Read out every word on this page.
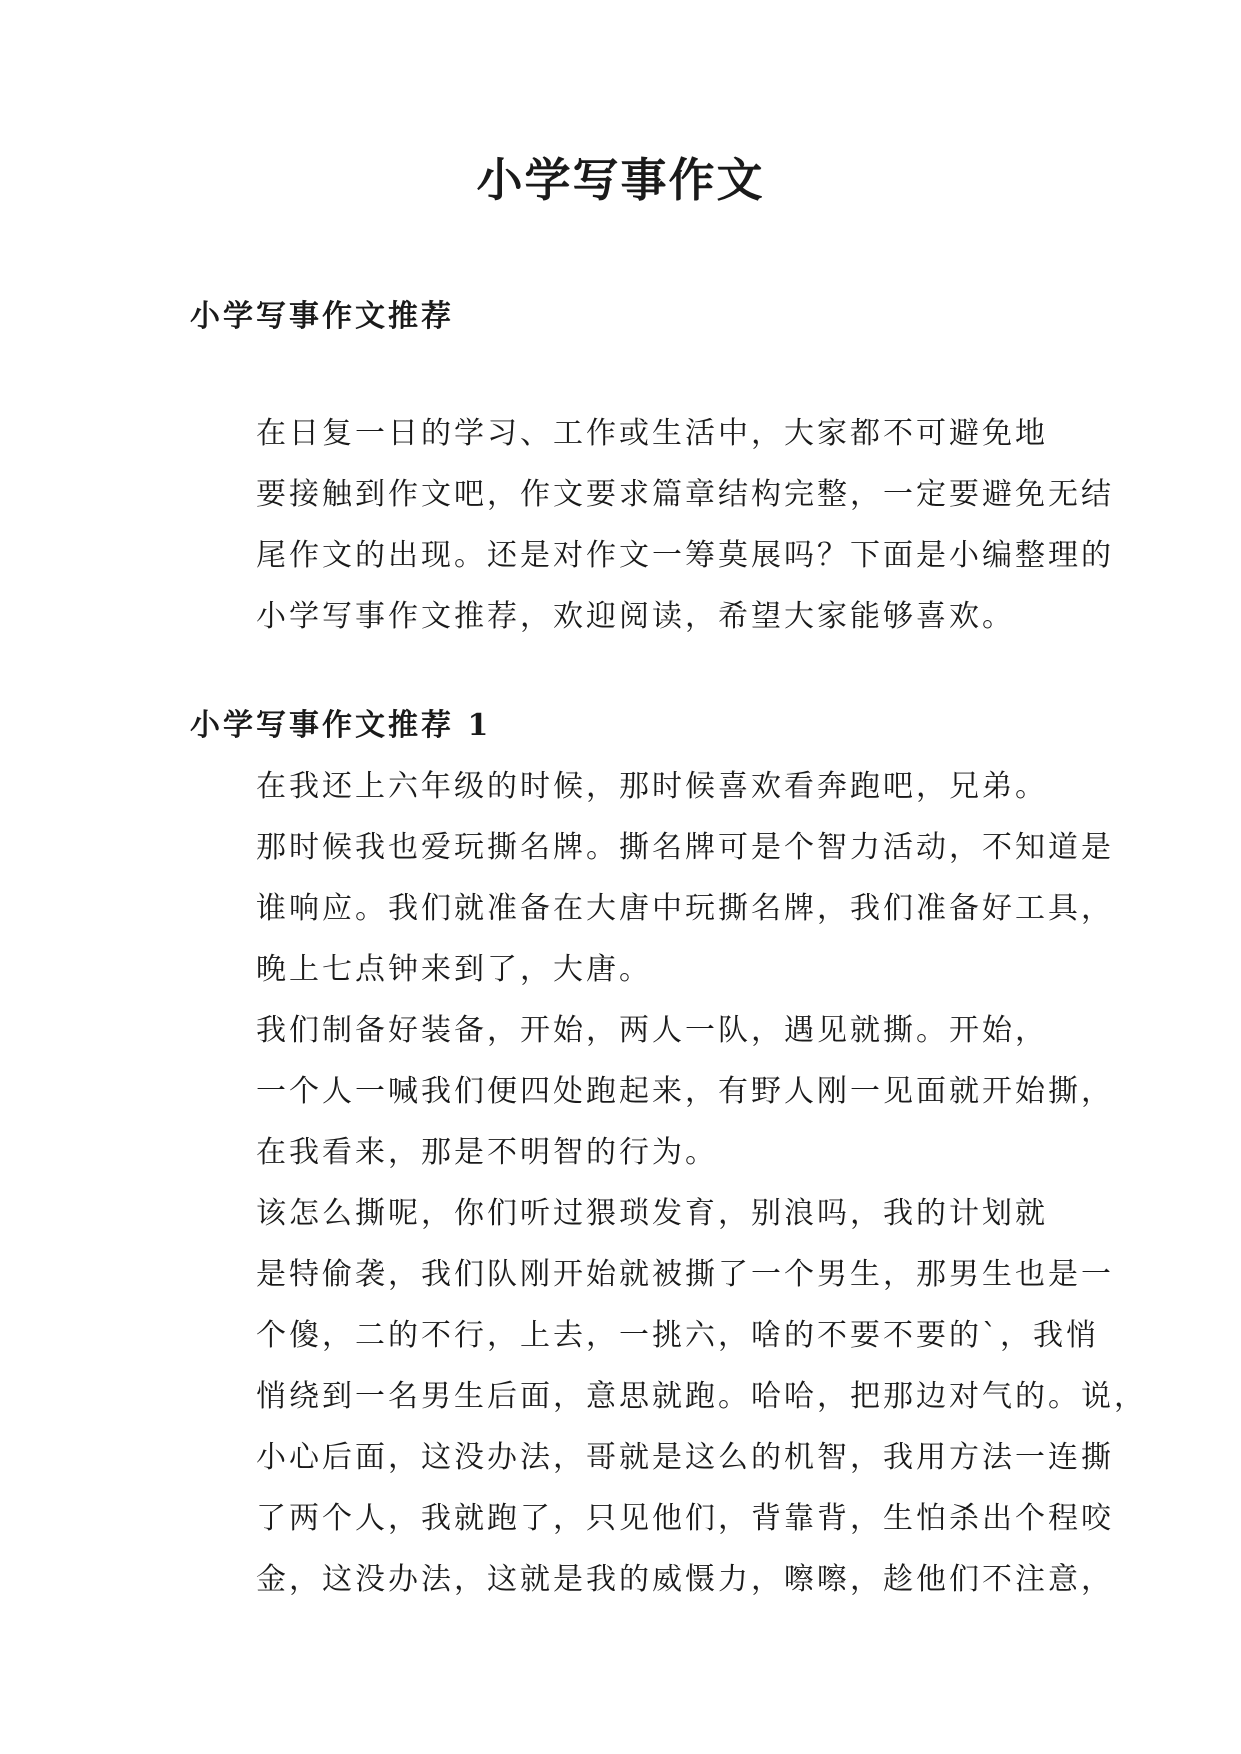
小学写事作文
小学写事作文推荐

在日复一日的学习、工作或生活中，大家都不可避免地
要接触到作文吧，作文要求篇章结构完整，一定要避免无结
尾作文的出现。还是对作文一筹莫展吗？下面是小编整理的
小学写事作文推荐，欢迎阅读，希望大家能够喜欢。

小学写事作文推荐 1

在我还上六年级的时候，那时候喜欢看奔跑吧，兄弟。
那时候我也爱玩撕名牌。撕名牌可是个智力活动，不知道是
谁响应。我们就准备在大唐中玩撕名牌，我们准备好工具，
晚上七点钟来到了，大唐。

我们制备好装备，开始，两人一队，遇见就撕。开始，
一个人一喊我们便四处跑起来，有野人刚一见面就开始撕，
在我看来，那是不明智的行为。

该怎么撕呢，你们听过猥琐发育，别浪吗，我的计划就
是特偷袭，我们队刚开始就被撕了一个男生，那男生也是一
个傻，二的不行，上去，一挑六，啥的不要不要的`，我悄
悄绕到一名男生后面，意思就跑。哈哈，把那边对气的。说，
小心后面，这没办法，哥就是这么的机智，我用方法一连撕
了两个人，我就跑了，只见他们，背靠背，生怕杀出个程咬
金，这没办法，这就是我的威慑力，嚓嚓，趁他们不注意，
